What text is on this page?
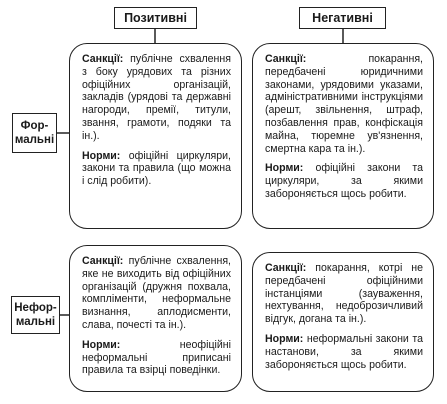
Позитивні	Негативні
Фор-мальні
Нефор-мальні

Санкції: публічне схвалення з боку урядових та різних офіційних організацій, закладів (урядові та державні нагороди, премії, титули, звання, грамоти, подяки та ін.).

Норми: офіційні циркуляри, закони та правила (що можна і слід робити).

Санкції: покарання, передбачені юридичними законами, урядовими указами, адміністративними інструкціями (арешт, звільнення, штраф, позбавлення прав, конфіскація майна, тюремне ув'язнення, смертна кара та ін.).

Норми: офіційні закони та циркуляри, за якими забороняється щось робити.

Санкції: публічне схвалення, яке не виходить від офіційних організацій (дружня похвала, компліменти, неформальне визнання, аплодисменти, слава, почесті та ін.).

Норми: неофіційні неформальні приписані правила та взірці поведінки.

Санкції: покарання, котрі не передбачені офіційними інстанціями (зауваження, нехтування, недоброзичливий відгук, догана та ін.).

Норми: неформальні закони та настанови, за якими забороняється щось робити.
